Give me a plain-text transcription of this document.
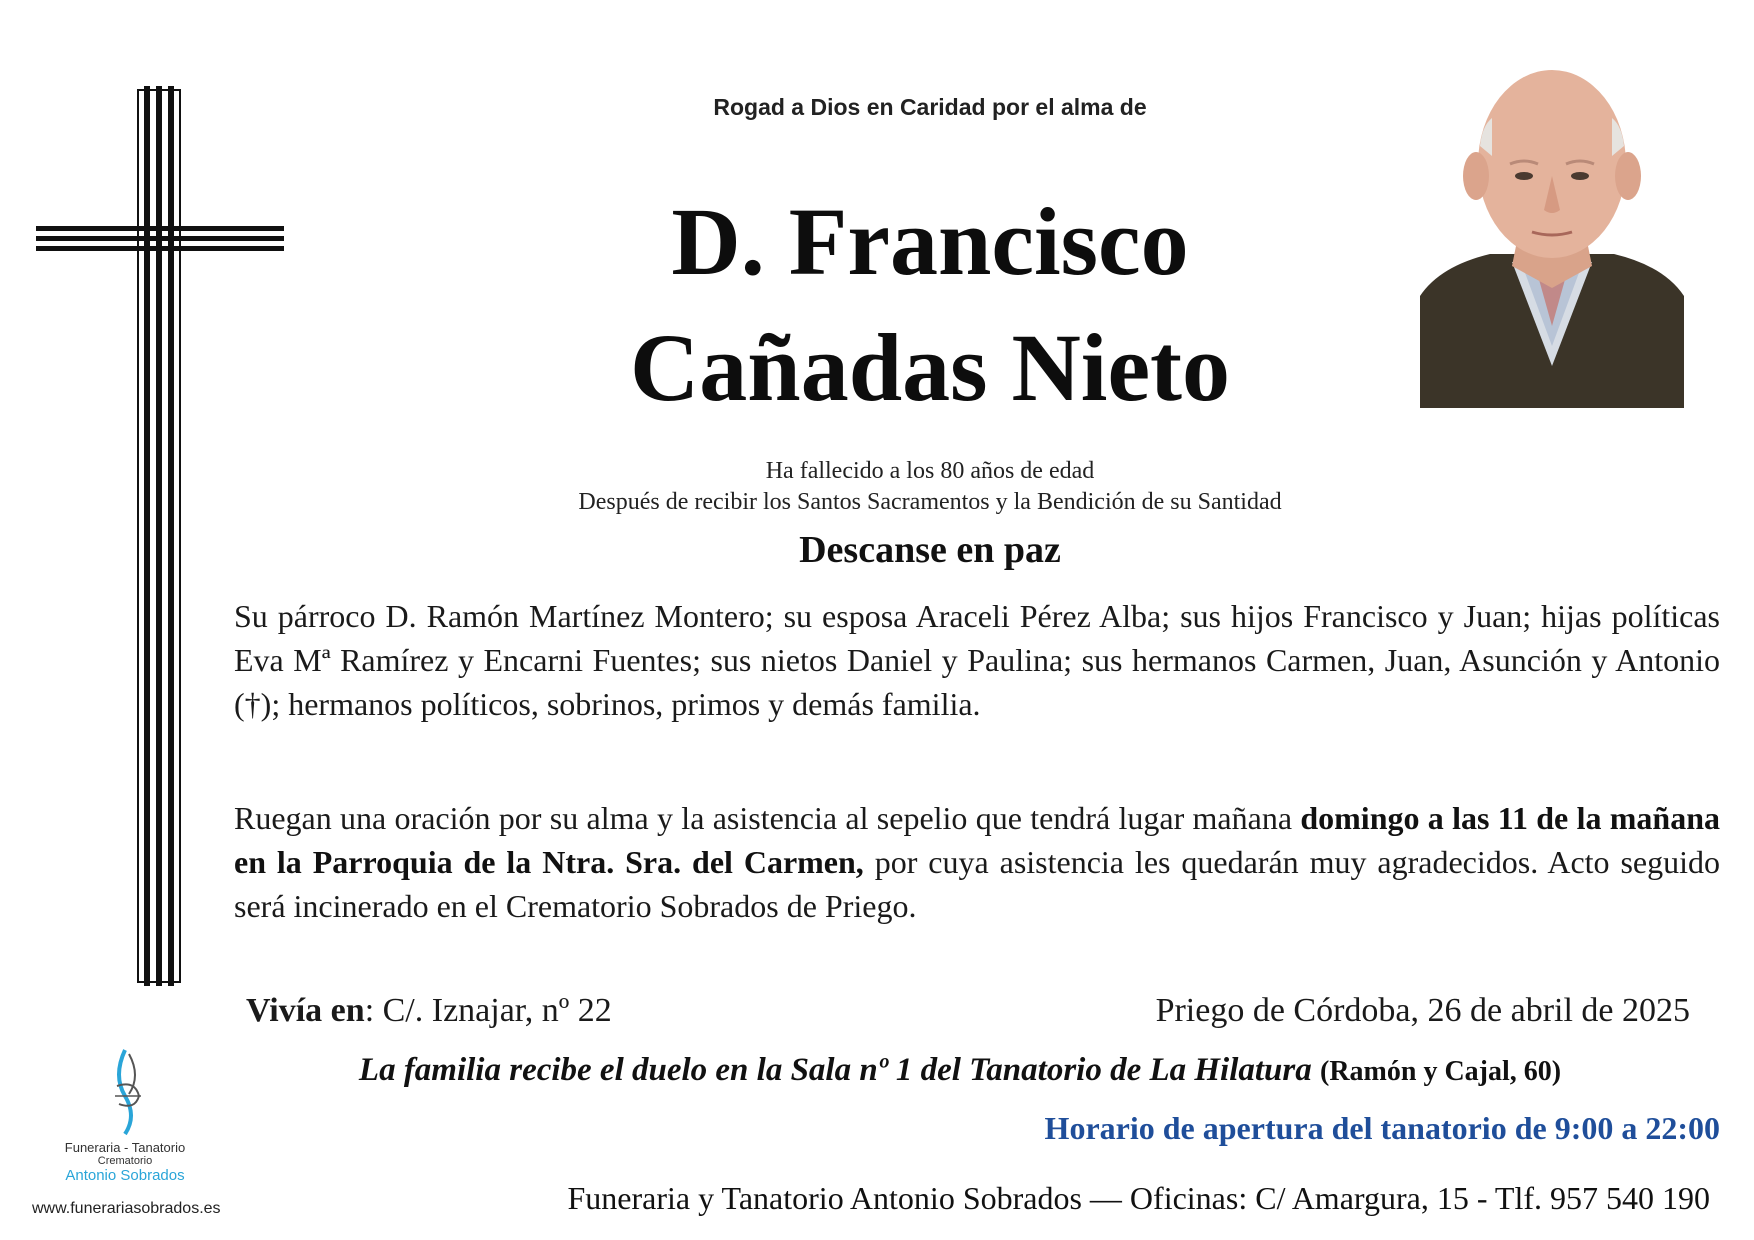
Rogad a Dios en Caridad por el alma de
D. Francisco
Cañadas Nieto
Ha fallecido a los 80 años de edad
Después de recibir los Santos Sacramentos y la Bendición de su Santidad
Descanse en paz
Su párroco D. Ramón Martínez Montero; su esposa Araceli Pérez Alba; sus hijos Francisco y Juan; hijas políticas Eva Mª Ramírez y Encarni Fuentes; sus nietos Daniel y Paulina; sus hermanos Carmen, Juan, Asunción y Antonio (†); hermanos políticos, sobrinos, primos y demás familia.
Ruegan una oración por su alma y la asistencia al sepelio que tendrá lugar mañana domingo a las 11 de la mañana en la Parroquia de la Ntra. Sra. del Carmen, por cuya asistencia les quedarán muy agradecidos. Acto seguido será incinerado en el Crematorio Sobrados de Priego.
Vivía en: C/. Iznajar, nº 22	Priego de Córdoba, 26 de abril de 2025
La familia recibe el duelo en la Sala nº 1 del Tanatorio de La Hilatura (Ramón y Cajal, 60)
Horario de apertura del tanatorio de 9:00 a 22:00
Funeraria y Tanatorio Antonio Sobrados — Oficinas: C/ Amargura, 15 - Tlf. 957 540 190
Funeraria - Tanatorio
Crematorio
Antonio Sobrados
www.funerariasobrados.es
